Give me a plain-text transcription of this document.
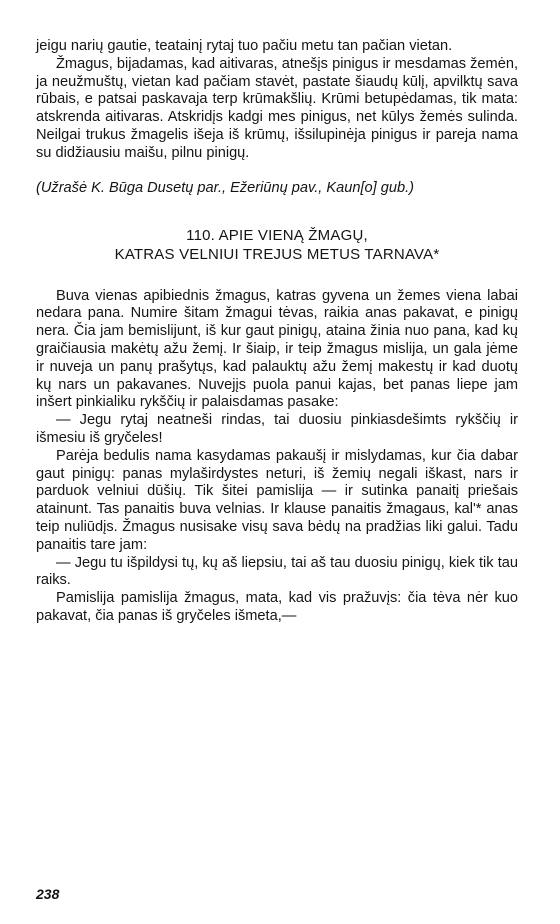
jeigu narių gautie, teatainį rytaj tuo pačiu metu tan pačian vietan.

Žmagus, bijadamas, kad aitivaras, atnešįs pinigus ir mesdamas žemėn, ja neužmuštų, vietan kad pačiam stavėt, pastate šiaudų kūlį, apvilktų sava rūbais, e patsai paskavaja terp krūmakšlių. Krūmi betupėdamas, tik mata: atskrenda aitivaras. Atskridįs kadgi mes pinigus, net kūlys žemės sulinda. Neilgai trukus žmagelis išeja iš krūmų, išsilupinėja pinigus ir pareja nama su didžiausiu maišu, pilnu pinigų.

(Užrašė K. Būga Dusetų par., Ežeriūnų pav., Kaun[o] gub.)

110. APIE VIENĄ ŽMAGŲ,
KATRAS VELNIUI TREJUS METUS TARNAVA*

Buva vienas apibiednis žmagus, katras gyvena un žemes viena labai nedara pana. Numire šitam žmagui tėvas, raikia anas pakavat, e pinigų nera. Čia jam bemislijunt, iš kur gaut pinigų, ataina žinia nuo pana, kad kų graičiausia makėtų ažu žemį. Ir šiaip, ir teip žmagus mislija, un gala jėme ir nuveja un panų prašytųs, kad palauktų ažu žemį makestų ir kad duotų kų nars un pakavanes. Nuvejįs puola panui kajas, bet panas liepe jam inšert pinkialiku rykščių ir palaisdamas pasake:

— Jegu rytaj neatneši rindas, tai duosiu pinkiasdešimts rykščių ir išmesiu iš gryčeles!

Parėja bedulis nama kasydamas pakaušį ir mislydamas, kur čia dabar gaut pinigų: panas mylaširdystes neturi, iš žemių negali iškast, nars ir parduok velniui dūšių. Tik šitei pamislija — ir sutinka panaitį priešais atainunt. Tas panaitis buva velnias. Ir klause panaitis žmagaus, kal'* anas teip nuliūdįs. Žmagus nusisake visų sava bėdų na pradžias liki galui. Tadu panaitis tare jam:

— Jegu tu išpildysi tų, kų aš liepsiu, tai aš tau duosiu pinigų, kiek tik tau raiks.

Pamislija pamislija žmagus, mata, kad vis pražuvįs: čia tėva nėr kuo pakavat, čia panas iš gryčeles išmeta,—

238
